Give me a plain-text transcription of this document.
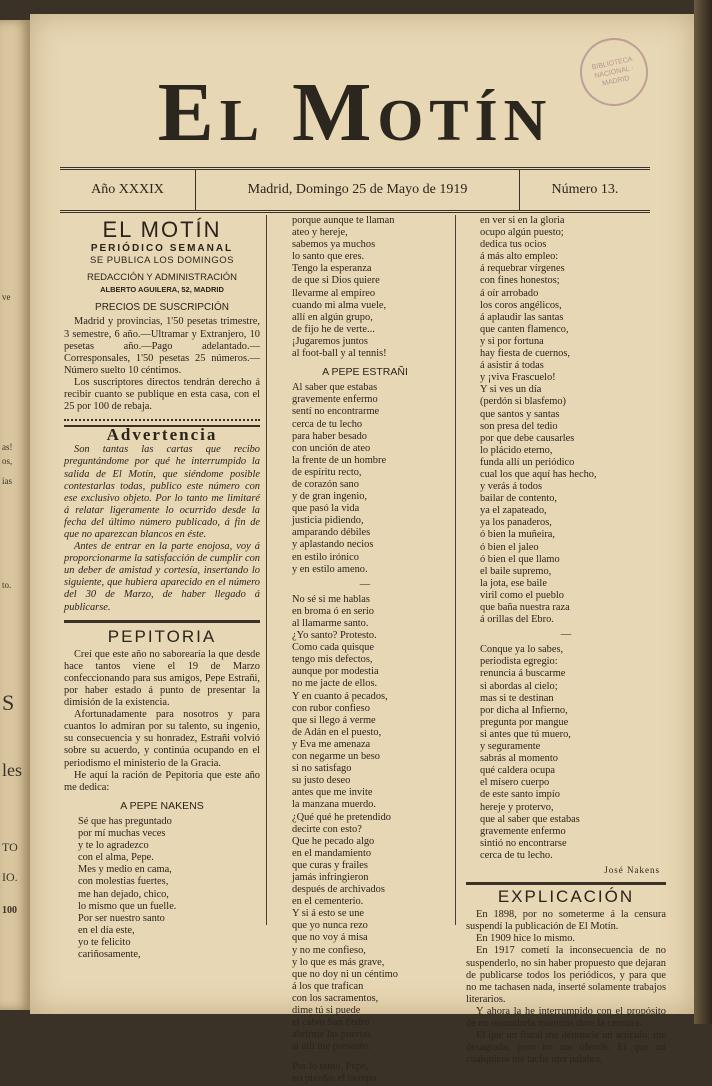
ve
as!
os,
ias
to.
S
les
TO
IO.
100
BIBLIOTECA NACIONAL · MADRID
El Motín
Año XXXIX	Madrid, Domingo 25 de Mayo de 1919	Número 13.
EL MOTÍN
PERIÓDICO SEMANAL
SE PUBLICA LOS DOMINGOS
REDACCIÓN Y ADMINISTRACIÓN
ALBERTO AGUILERA, 52, MADRID
PRECIOS DE SUSCRIPCIÓN

Madrid y provincias, 1'50 pesetas trimestre, 3 semestre, 6 año.—Ultramar y Extranjero, 10 pesetas año.—Pago adelantado.—Corresponsales, 1'50 pesetas 25 números.—Número suelto 10 céntimos.

Los suscriptores directos tendrán derecho á recibir cuanto se publique en esta casa, con el 25 por 100 de rebaja.

Advertencia

Son tantas las cartas que recibo preguntándome por qué he interrumpido la salida de El Motín, que siéndome posible contestarlas todas, publico este número con ese exclusivo objeto. Por lo tanto me limitaré á relatar ligeramente lo ocurrido desde la fecha del último número publicado, á fin de que no aparezcan blancos en éste.

Antes de entrar en la parte enojosa, voy á proporcionarme la satisfacción de cumplir con un deber de amistad y cortesía, insertando lo siguiente, que hubiera aparecido en el número del 30 de Marzo, de haber llegado á publicarse.

PEPITORIA

Creí que este año no saborearía la que desde hace tantos viene el 19 de Marzo confeccionando para sus amigos, Pepe Estrañi, por haber estado á punto de presentar la dimisión de la existencia.

Afortunadamente para nosotros y para cuantos lo admiran por su talento, su ingenio, su consecuencia y su honradez, Estrañi volvió sobre su acuerdo, y continúa ocupando en el periodismo el ministerio de la Gracia.

He aquí la ración de Pepitoria que este año me dedica:

A PEPE NAKENS
Sé que has preguntado
por mí muchas veces
y te lo agradezco
con el alma, Pepe.
Mes y medio en cama,
con molestias fuertes,
me han dejado, chico,
lo mismo que un fuelle.
Por ser nuestro santo
en el día este,
yo te felicito
cariñosamente,
porque aunque te llaman
ateo y hereje,
sabemos ya muchos
lo santo que eres.
Tengo la esperanza
de que si Dios quiere
llevarme al empíreo
cuando mi alma vuele,
allí en algún grupo,
de fijo he de verte...
¡Jugaremos juntos
al foot-ball y al tennis!
A PEPE ESTRAÑI
Al saber que estabas
gravemente enfermo
sentí no encontrarme
cerca de tu lecho
para haber besado
con unción de ateo
la frente de un hombre
de espíritu recto,
de corazón sano
y de gran ingenio,
que pasó la vida
justicia pidiendo,
amparando débiles
y aplastando necios
en estilo irónico
y en estilo ameno.
—
No sé si me hablas
en broma ó en serio
al llamarme santo.
¿Yo santo? Protesto.
Como cada quisque
tengo mis defectos,
aunque por modestia
no me jacte de ellos.
Y en cuanto á pecados,
con rubor confieso
que si llego á verme
de Adán en el puesto,
y Eva me amenaza
con negarme un beso
si no satisfago
su justo deseo
antes que me invite
la manzana muerdo.
¿Qué qué he pretendido
decirte con esto?
Que he pecado algo
en el mandamiento
que curas y frailes
jamás infringieron
después de archivados
en el cementerio.
Y si á esto se une
que yo nunca rezo
que no voy á misa
y no me confieso,
y lo que es más grave,
que no doy ni un céntimo
á los que trafican
con los sacramentos,
dime tú si puede
el calvo San Pedro
abrirme las puertas
si allí me presento.
Por lo tanto, Pepe,
no pierdas el tiempo
en ver si en la gloria
ocupo algún puesto;
dedica tus ocios
á más alto empleo:
á requebrar vírgenes
con fines honestos;
á oír arrobado
los coros angélicos,
á aplaudir las santas
que canten flamenco,
y si por fortuna
hay fiesta de cuernos,
á asistir á todas
y ¡viva Frascuelo!
Y si ves un día
(perdón si blasfemo)
que santos y santas
son presa del tedio
por que debe causarles
lo plácido eterno,
funda allí un periódico
cual los que aquí has hecho,
y verás á todos
bailar de contento,
ya el zapateado,
ya los panaderos,
ó bien la muñeira,
ó bien el jaleo
ó bien el que llamo
el baile supremo,
la jota, ese baile
viril como el pueblo
que baña nuestra raza
á orillas del Ebro.
—
Conque ya lo sabes,
periodista egregio:
renuncia á buscarme
si abordas al cielo;
mas si te destinan
por dicha al Infierno,
pregunta por mangue
si antes que tú muero,
y seguramente
sabrás al momento
qué caldera ocupa
el mísero cuerpo
de este santo impío
hereje y protervo,
que al saber que estabas
gravemente enfermo
sintió no encontrarse
cerca de tu lecho.
José Nakens
EXPLICACIÓN

En 1898, por no someterme á la censura suspendí la publicación de El Motín.

En 1909 hice lo mismo.

En 1917 cometí la inconsecuencia de no suspenderlo, no sin haber propuesto que dejaran de publicarse todos los periódicos, y para que no me tachasen nada, inserté solamente trabajos literarios.

Y ahora la he interrumpido con el propósito de no reanudarla mientras dure la censura.

El que un fiscal me denuncie un artículo, me desagrada, pero no me ofende. El que un cualquiera me tache una palabra,
